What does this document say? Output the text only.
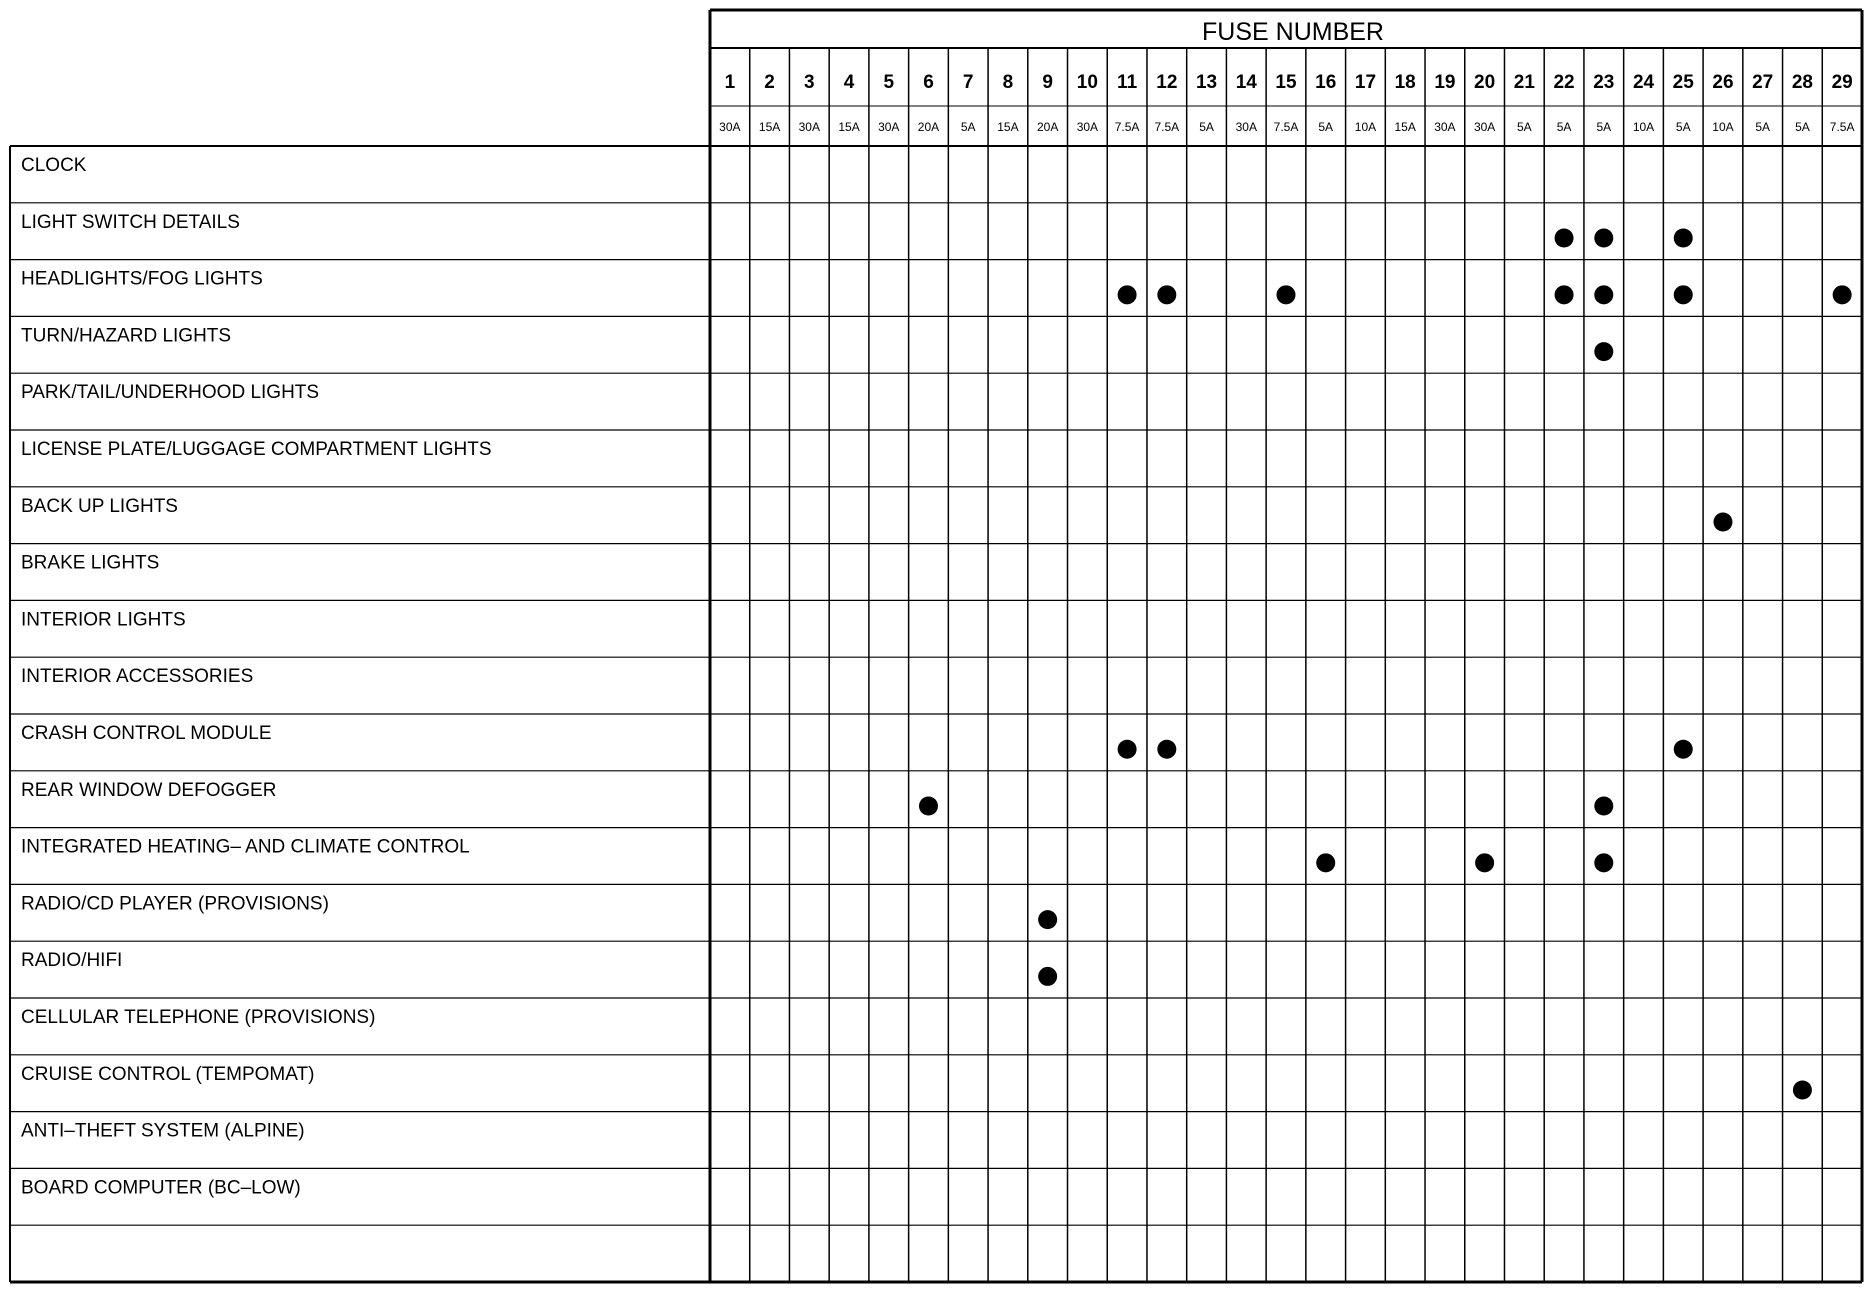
FUSE NUMBER
1
30A
2
15A
3
30A
4
15A
5
30A
6
20A
7
5A
8
15A
9
20A
10
30A
11
7.5A
12
7.5A
13
5A
14
30A
15
7.5A
16
5A
17
10A
18
15A
19
30A
20
30A
21
5A
22
5A
23
5A
24
10A
25
5A
26
10A
27
5A
28
5A
29
7.5A
CLOCK
LIGHT SWITCH DETAILS
HEADLIGHTS/FOG LIGHTS
TURN/HAZARD LIGHTS
PARK/TAIL/UNDERHOOD LIGHTS
LICENSE PLATE/LUGGAGE COMPARTMENT LIGHTS
BACK UP LIGHTS
BRAKE LIGHTS
INTERIOR LIGHTS
INTERIOR ACCESSORIES
CRASH CONTROL MODULE
REAR WINDOW DEFOGGER
INTEGRATED HEATING– AND CLIMATE CONTROL
RADIO/CD PLAYER (PROVISIONS)
RADIO/HIFI
CELLULAR TELEPHONE (PROVISIONS)
CRUISE CONTROL (TEMPOMAT)
ANTI–THEFT SYSTEM (ALPINE)
BOARD COMPUTER (BC–LOW)
